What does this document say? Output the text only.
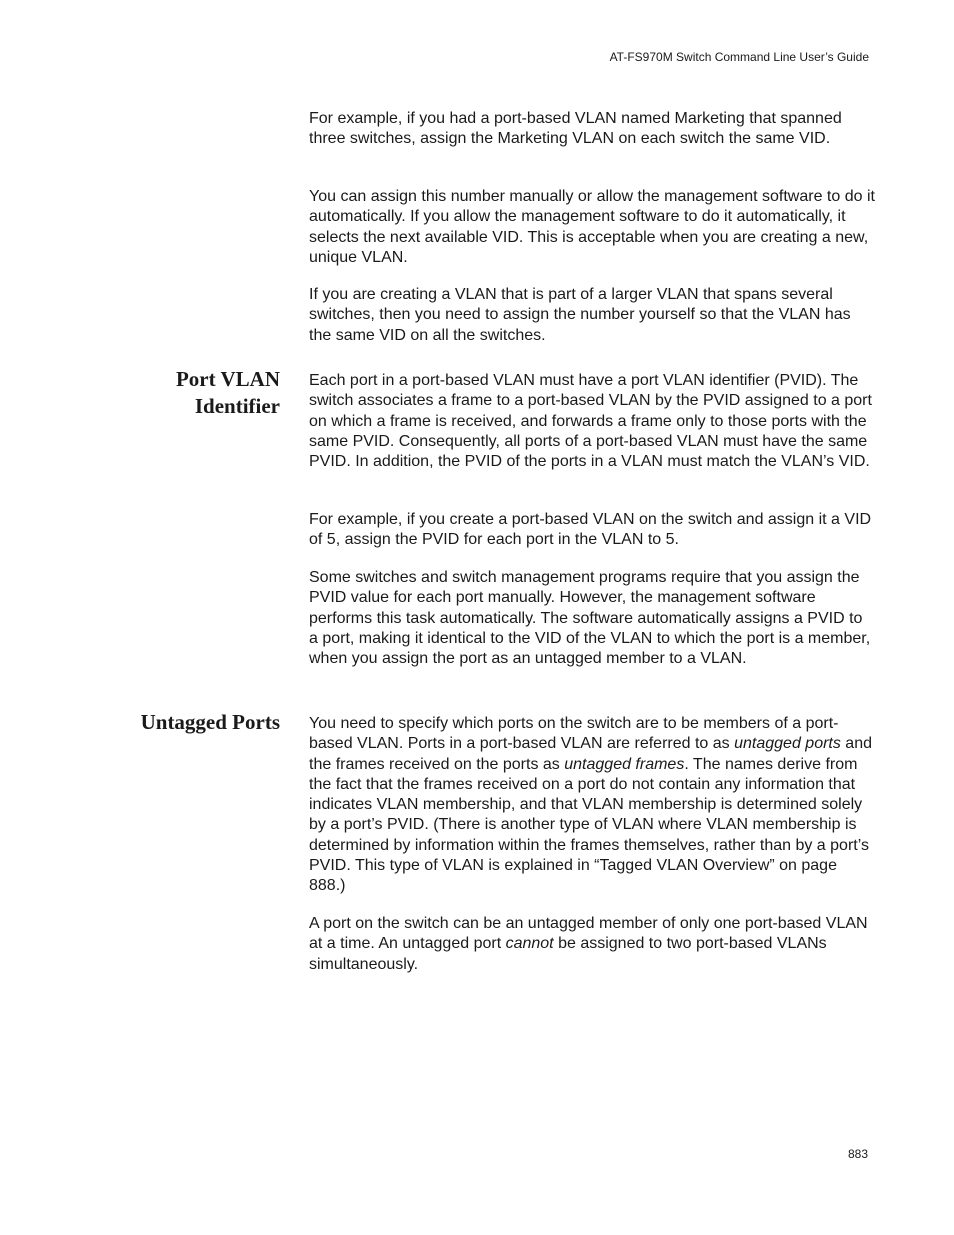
AT-FS970M Switch Command Line User’s Guide

For example, if you had a port-based VLAN named Marketing that spanned three switches, assign the Marketing VLAN on each switch the same VID.

You can assign this number manually or allow the management software to do it automatically. If you allow the management software to do it automatically, it selects the next available VID. This is acceptable when you are creating a new, unique VLAN.

If you are creating a VLAN that is part of a larger VLAN that spans several switches, then you need to assign the number yourself so that the VLAN has the same VID on all the switches.

Port VLAN
Identifier

Each port in a port-based VLAN must have a port VLAN identifier (PVID). The switch associates a frame to a port-based VLAN by the PVID assigned to a port on which a frame is received, and forwards a frame only to those ports with the same PVID. Consequently, all ports of a port-based VLAN must have the same PVID. In addition, the PVID of the ports in a VLAN must match the VLAN’s VID.

For example, if you create a port-based VLAN on the switch and assign it a VID of 5, assign the PVID for each port in the VLAN to 5.

Some switches and switch management programs require that you assign the PVID value for each port manually. However, the management software performs this task automatically. The software automatically assigns a PVID to a port, making it identical to the VID of the VLAN to which the port is a member, when you assign the port as an untagged member to a VLAN.

Untagged Ports You need to specify which ports on the switch are to be members of a port-based VLAN. Ports in a port-based VLAN are referred to as untagged ports and the frames received on the ports as untagged frames. The names derive from the fact that the frames received on a port do not contain any information that indicates VLAN membership, and that VLAN membership is determined solely by a port’s PVID. (There is another type of VLAN where VLAN membership is determined by information within the frames themselves, rather than by a port’s PVID. This type of VLAN is explained in “Tagged VLAN Overview” on page 888.)

A port on the switch can be an untagged member of only one port-based VLAN at a time. An untagged port cannot be assigned to two port-based VLANs simultaneously.

883
